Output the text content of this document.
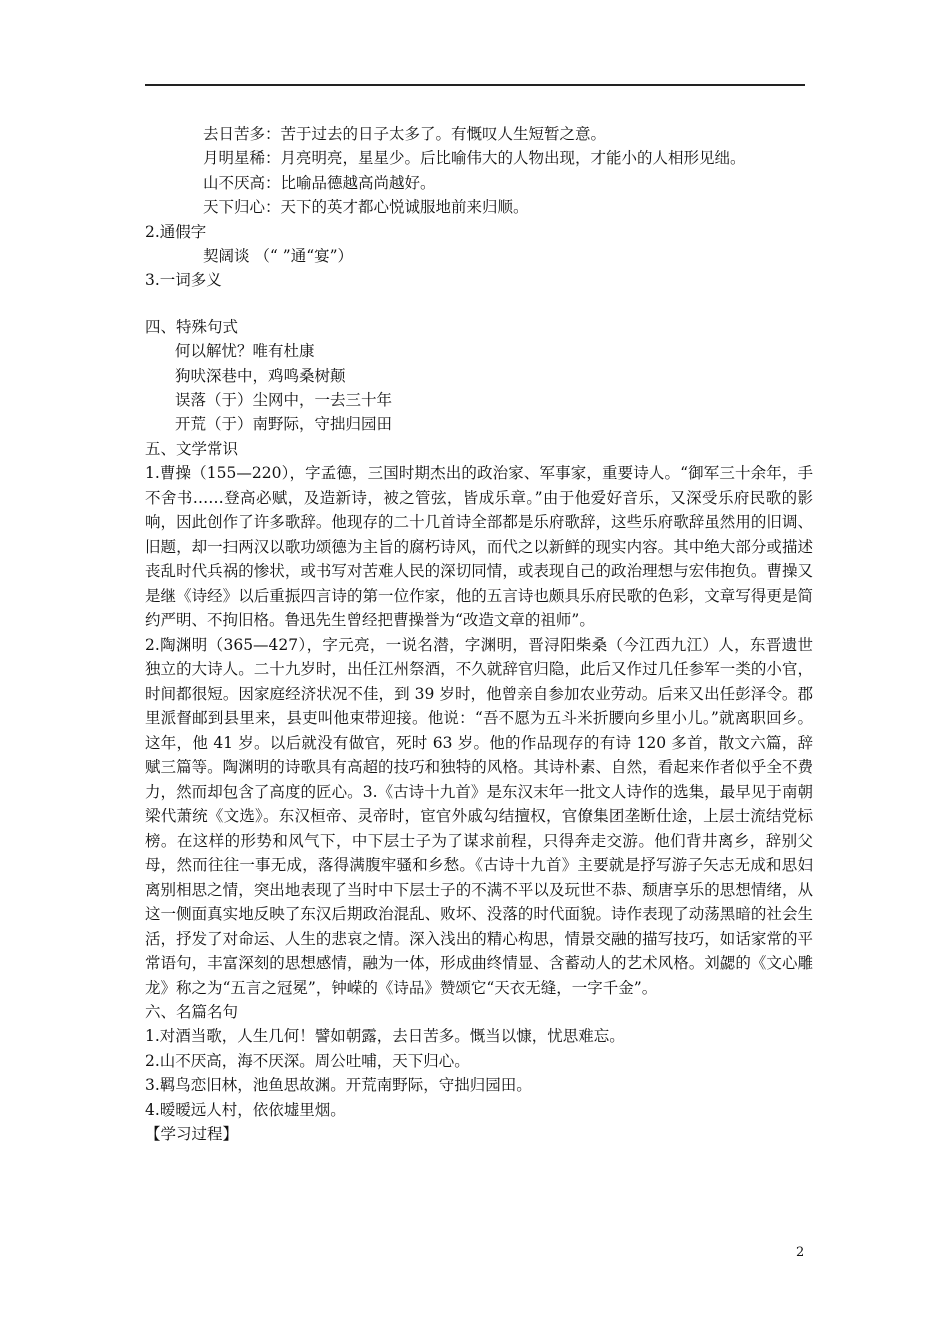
去日苦多：苦于过去的日子太多了。有慨叹人生短暂之意。
月明星稀：月亮明亮，星星少。后比喻伟大的人物出现，才能小的人相形见绌。
山不厌高：比喻品德越高尚越好。
天下归心：天下的英才都心悦诚服地前来归顺。
2.通假字
契阔谈 （“ ”通“宴”）
3.一词多义
四、特殊句式
何以解忧？唯有杜康
狗吠深巷中，鸡鸣桑树颠
误落（于）尘网中，一去三十年
开荒（于）南野际，守拙归园田
五、文学常识

1.曹操（155—220），字孟德，三国时期杰出的政治家、军事家，重要诗人。“御军三十余年，手不舍书……登高必赋，及造新诗，被之管弦，皆成乐章。”由于他爱好音乐，又深受乐府民歌的影响，因此创作了许多歌辞。他现存的二十几首诗全部都是乐府歌辞，这些乐府歌辞虽然用的旧调、旧题，却一扫两汉以歌功颂德为主旨的腐朽诗风，而代之以新鲜的现实内容。其中绝大部分或描述丧乱时代兵祸的惨状，或书写对苦难人民的深切同情，或表现自己的政治理想与宏伟抱负。曹操又是继《诗经》以后重振四言诗的第一位作家，他的五言诗也颇具乐府民歌的色彩，文章写得更是简约严明、不拘旧格。鲁迅先生曾经把曹操誉为“改造文章的祖师”。

2.陶渊明（365—427），字元亮，一说名潜，字渊明，晋浔阳柴桑（今江西九江）人，东晋遗世独立的大诗人。二十九岁时，出任江州祭酒，不久就辞官归隐，此后又作过几任参军一类的小官，时间都很短。因家庭经济状况不佳，到 39 岁时，他曾亲自参加农业劳动。后来又出任彭泽令。郡里派督邮到县里来，县吏叫他束带迎接。他说：“吾不愿为五斗米折腰向乡里小儿。”就离职回乡。这年，他 41 岁。以后就没有做官，死时 63 岁。他的作品现存的有诗 120 多首，散文六篇，辞赋三篇等。陶渊明的诗歌具有高超的技巧和独特的风格。其诗朴素、自然，看起来作者似乎全不费力，然而却包含了高度的匠心。3.《古诗十九首》是东汉末年一批文人诗作的选集，最早见于南朝梁代萧统《文选》。东汉桓帝、灵帝时，宦官外戚勾结擅权，官僚集团垄断仕途，上层士流结党标榜。在这样的形势和风气下，中下层士子为了谋求前程，只得奔走交游。他们背井离乡，辞别父母，然而往往一事无成，落得满腹牢骚和乡愁。《古诗十九首》主要就是抒写游子矢志无成和思妇离别相思之情，突出地表现了当时中下层士子的不满不平以及玩世不恭、颓唐享乐的思想情绪，从这一侧面真实地反映了东汉后期政治混乱、败坏、没落的时代面貌。诗作表现了动荡黑暗的社会生活，抒发了对命运、人生的悲哀之情。深入浅出的精心构思，情景交融的描写技巧，如话家常的平常语句，丰富深刻的思想感情，融为一体，形成曲终情显、含蓄动人的艺术风格。刘勰的《文心雕龙》称之为“五言之冠冕”，钟嵘的《诗品》赞颂它“天衣无缝，一字千金”。

六、名篇名句
1.对酒当歌，人生几何！譬如朝露，去日苦多。慨当以慷，忧思难忘。
2.山不厌高，海不厌深。周公吐哺，天下归心。
3.羁鸟恋旧林，池鱼思故渊。开荒南野际，守拙归园田。
4.暧暧远人村，依依墟里烟。
【学习过程】
2
